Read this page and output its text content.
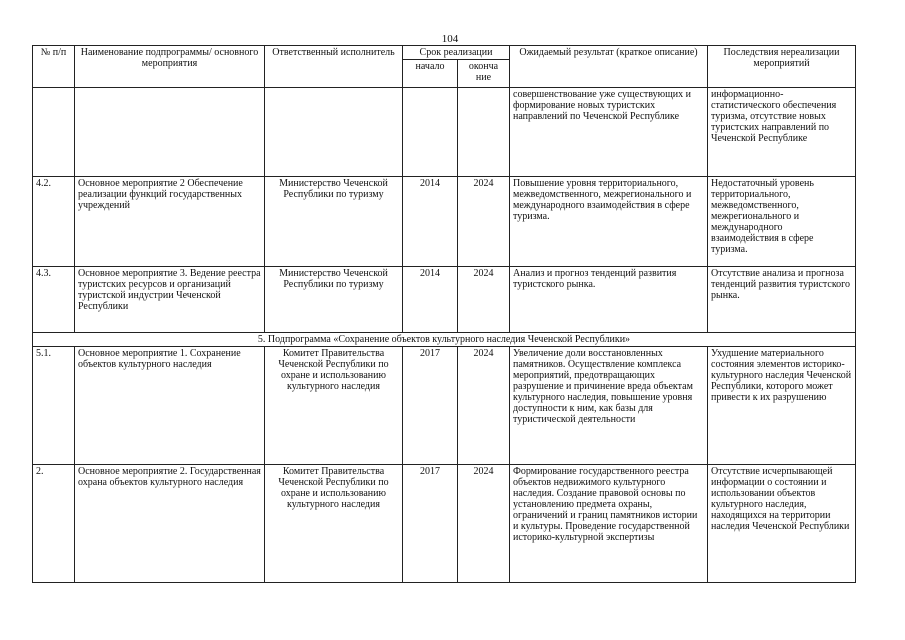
104
№ п/п	Наименование подпрограммы/ основного мероприятия	Ответственный исполнитель	Срок реализации		Ожидаемый результат (краткое описание)	Последствия нереализации мероприятий
			начало	оконча ние		
					совершенствование уже существующих и формирование новых туристских направлений по Чеченской Республике	информационно-статистического обеспечения туризма, отсутствие новых туристских направлений по Чеченской Республике
4.2.	Основное мероприятие 2 Обеспечение реализации функций государственных учреждений	Министерство Чеченской Республики по туризму	2014	2024	Повышение уровня территориального, межведомственного, межрегионального и международного взаимодействия в сфере туризма.	Недостаточный уровень территориального, межведомственного, межрегионального и международного взаимодействия в сфере туризма.
4.3.	Основное мероприятие 3. Ведение реестра туристских ресурсов и организаций туристской индустрии Чеченской Республики	Министерство Чеченской Республики по туризму	2014	2024	Анализ и прогноз тенденций развития туристского рынка.	Отсутствие анализа и прогноза тенденций развития туристского рынка.
5. Подпрограмма «Сохранение объектов культурного наследия Чеченской Республики»						
5.1.	Основное мероприятие 1. Сохранение объектов культурного наследия	Комитет Правительства Чеченской Республики по охране и использованию культурного наследия	2017	2024	Увеличение доли восстановленных памятников. Осуществление комплекса мероприятий, предотвращающих разрушение и причинение вреда объектам культурного наследия, повышение уровня доступности к ним, как базы для туристической деятельности	Ухудшение материального состояния элементов историко-культурного наследия Чеченской Республики, которого может привести к их разрушению
2.	Основное мероприятие 2. Государственная охрана объектов культурного наследия	Комитет Правительства Чеченской Республики по охране и использованию культурного наследия	2017	2024	Формирование государственного реестра объектов недвижимого культурного наследия. Создание правовой основы по установлению предмета охраны, ограничений и границ памятников истории и культуры. Проведение государственной историко-культурной экспертизы	Отсутствие исчерпывающей информации о состоянии и использовании объектов культурного наследия, находящихся на территории наследия Чеченской Республики
